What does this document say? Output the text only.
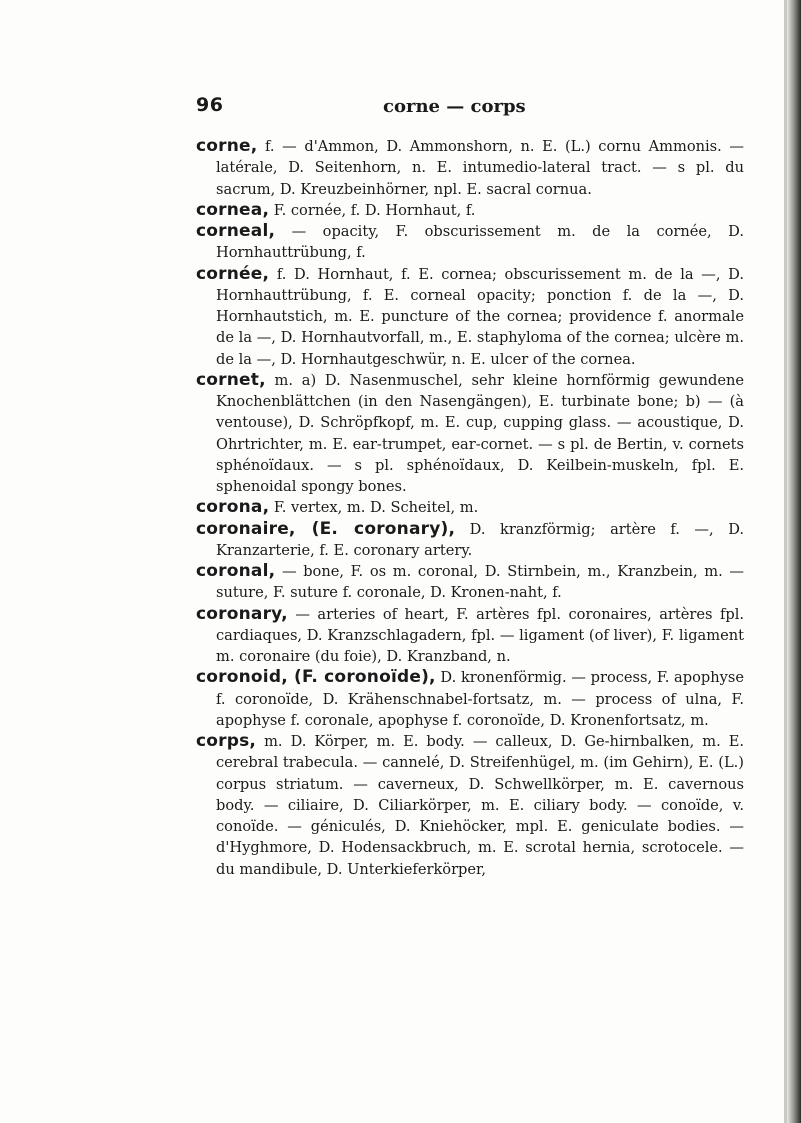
96	corne — corps

corne, f. — d'Ammon, D. Ammonshorn, n. E. (L.) cornu Ammonis. — latérale, D. Seitenhorn, n. E. intumedio-lateral tract. — s pl. du sacrum, D. Kreuzbeinhörner, npl. E. sacral cornua.

cornea, F. cornée, f. D. Hornhaut, f.

corneal, — opacity, F. obscurissement m. de la cornée, D. Hornhauttrübung, f.

cornée, f. D. Hornhaut, f. E. cornea; obscurissement m. de la —, D. Hornhauttrübung, f. E. corneal opacity; ponction f. de la —, D. Hornhautstich, m. E. puncture of the cornea; providence f. anormale de la —, D. Hornhautvorfall, m., E. staphyloma of the cornea; ulcère m. de la —, D. Hornhautgeschwür, n. E. ulcer of the cornea.

cornet, m. a) D. Nasenmuschel, sehr kleine hornförmig gewundene Knochenblättchen (in den Nasengängen), E. turbinate bone; b) — (à ventouse), D. Schröpfkopf, m. E. cup, cupping glass. — acoustique, D. Ohrtrichter, m. E. ear-trumpet, ear-cornet. — s pl. de Bertin, v. cornets sphénoïdaux. — s pl. sphénoïdaux, D. Keilbein-muskeln, fpl. E. sphenoidal spongy bones.

corona, F. vertex, m. D. Scheitel, m.

coronaire, (E. coronary), D. kranzförmig; artère f. —, D. Kranzarterie, f. E. coronary artery.

coronal, — bone, F. os m. coronal, D. Stirnbein, m., Kranzbein, m. — suture, F. suture f. coronale, D. Kronen-naht, f.

coronary, — arteries of heart, F. artères fpl. coronaires, artères fpl. cardiaques, D. Kranzschlagadern, fpl. — ligament (of liver), F. ligament m. coronaire (du foie), D. Kranzband, n.

coronoid, (F. coronoïde), D. kronenförmig. — process, F. apophyse f. coronoïde, D. Krähenschnabel-fortsatz, m. — process of ulna, F. apophyse f. coronale, apophyse f. coronoïde, D. Kronenfortsatz, m.

corps, m. D. Körper, m. E. body. — calleux, D. Ge-hirnbalken, m. E. cerebral trabecula. — cannelé, D. Streifenhügel, m. (im Gehirn), E. (L.) corpus striatum. — caverneux, D. Schwellkörper, m. E. cavernous body. — ciliaire, D. Ciliarkörper, m. E. ciliary body. — conoïde, v. conoïde. — géniculés, D. Kniehöcker, mpl. E. geniculate bodies. — d'Hyghmore, D. Hodensackbruch, m. E. scrotal hernia, scrotocele. — du mandibule, D. Unterkieferkörper,
